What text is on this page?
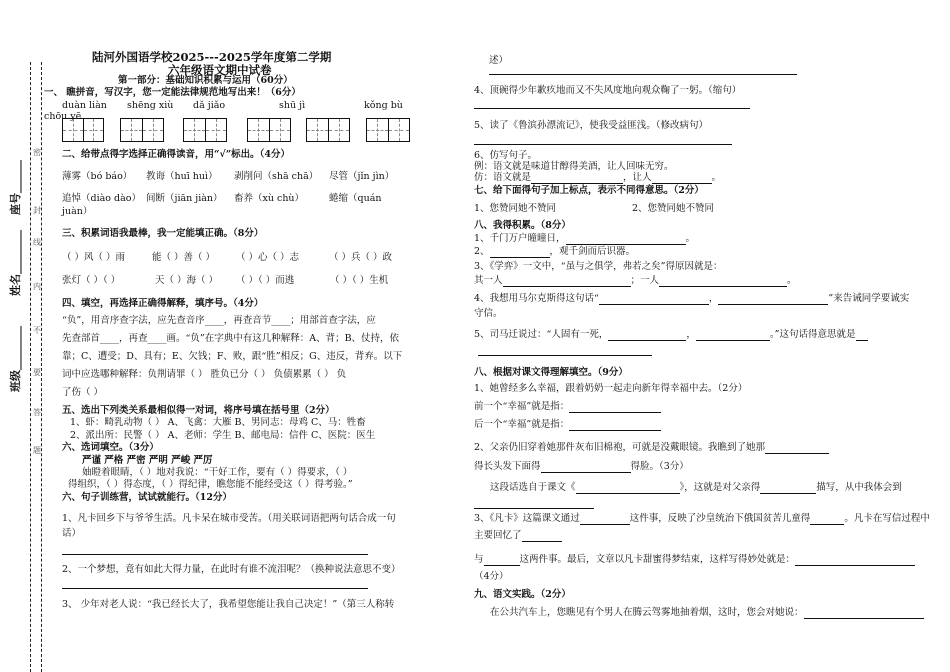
座号______
姓名________
班级________
密
封
线
内
不
要
答
题
陆河外国语学校2025---2025学年度第二学期
六年级语文期中试卷
第一部分：基础知识积累与运用（60分）
一、 瞧拼音，写汉字，您一定能法律规范地写出来！（6分）
duàn liàn shēng xiù dǎ jiǎo	shū jì	kǒng bù
chōu yē
二、给带点得字选择正确得读音，用“√”标出。（4分）
薄雾（bó báo） 教诲（huī huì） 剥削问（shā chā） 尽管（jǐn jìn）
追悼（diào dào） 间断（jiān jiàn） 畜养（xù chù）	蜷缩（quán
juàn）
三、积累词语我最棒，我一定能填正确。（8分）
（ ）风（ ）雨	能（ ）善（ ） （ ）心（ ）志	（ ）兵（ ）政
张灯（ ）（ ）	天（ ）海（ ） （ ）（ ）而逃	（ ）（ ）生机
四、填空，再选择正确得解释，填序号。（4分）
“负”，用音序查字法，应先查音序____，再查音节____；用部首查字法，应
先查部首____，再查____画。“负”在字典中有这几种解释：A、背；B、仗持，依
靠；C、遭受；D、具有；E、欠钱；F、败，跟“胜”相反；G、违反，背弃。以下
词中应选哪种解释：负荆请罪（ ） 胜负已分（ ） 负债累累（ ） 负
了伤（ ）
五、选出下列类关系最相似得一对词，将序号填在括号里（2分）
1、虾：畸乳动物（ ） A、飞禽：大雁 B、男同志：母鸡 C、马：牲畜
2、派出所：民警（ ） A、老师：学生 B、邮电局：信件 C、医院：医生
六、选词填空。（3分）
严谨 严格 严密 严明 严峻 严厉
妯瞪着眼睛，（ ）地对我说：“干好工作，要有（ ）得要求，（ ）
得组织，（ ）得态度，（ ）得纪律，瞧您能不能经受这（ ）得考验。”
六、句子训练营，试试就能行。（12分）
1、凡卡回乡下与爷爷生活。凡卡呆在城市受苦。（用关联词语把两句话合成一句
话）
2、一个梦想，竟有如此大得力量，在此时有谁不流泪呢？（换种说法意思不变）
3、 少年对老人说：“我已经长大了，我希望您能让我自己决定！”（第三人称转
述）
4、顶碗得少年歉疚地而又不失风度地向观众鞠了一躬。（缩句）
5、读了《鲁滨孙漂流记》，使我受益匪浅。（修改病句）
6、仿写句子。
例：语文就是味道甘醇得美酒，让人回味无穷。
仿：语文就是	，让人	。
七、给下面得句子加上标点，表示不同得意思。（2分）
1、您赞同她不赞同	2、您赞同她不赞同
八、我得积累。（8分）
1、千门万户曈曈日，	。
2、	，观千剑而后识器。
3、《学弈》一文中，“虽与之俱学，弗若之矣”得原因就是：
其一人	；一人	。
4、我想用马尔克斯得这句话“	，	”来告诫同学要诚实
守信。
5、司马迁说过：“人固有一死，	，	。”这句话得意思就是
八、根据对课文得理解填空。（9分）
1、她曾经多么幸福，跟着奶奶一起走向新年得幸福中去。（2分）
前一个“幸福”就是指：
后一个“幸福”就是指：
2、父亲仍旧穿着她那件灰布旧棉袍，可就是没戴眼镜。我瞧到了她那
得长头发下面得	得脸。（3分）
这段话选自于课文《	》，这就是对父亲得	描写，从中我体会到
3、《凡卡》这篇课文通过	这件事，反映了沙皇统治下俄国贫苦儿童得	。凡卡在写信过程中
主要回忆了
与	这两件事。最后，文章以凡卡甜蜜得梦结束，这样写得妙处就是：
（4分）
九、语文实践。（2分）
在公共汽车上，您瞧见有个男人在腾云驾雾地抽着烟，这时，您会对她说：
